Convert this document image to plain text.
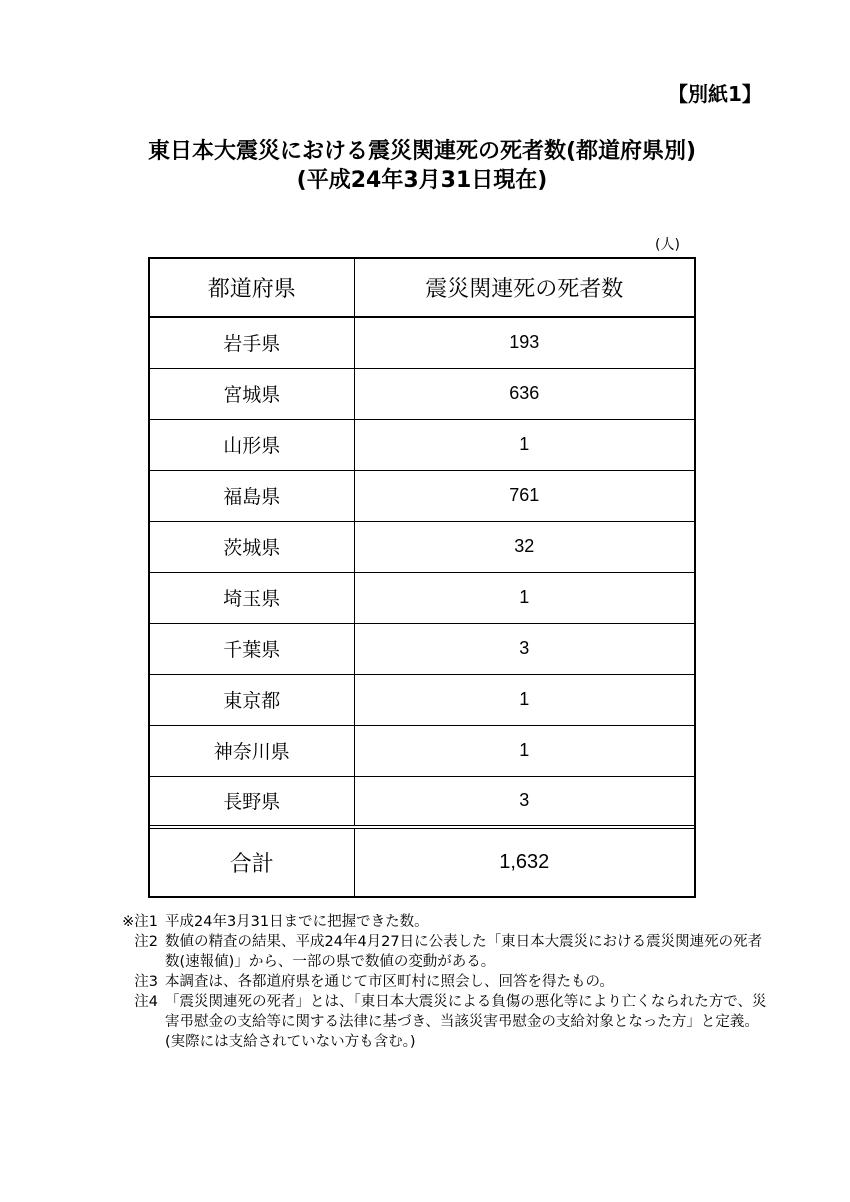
【別紙1】
東日本大震災における震災関連死の死者数(都道府県別)
(平成24年3月31日現在)
(人)
都道府県	震災関連死の死者数
岩手県	193
宮城県	636
山形県	1
福島県	761
茨城県	32
埼玉県	1
千葉県	3
東京都	1
神奈川県	1
長野県	3
合計	1,632
※注1 平成24年3月31日までに把握できた数。
注2 数値の精査の結果、平成24年4月27日に公表した「東日本大震災における震災関連死の死者数(速報値)」から、一部の県で数値の変動がある。
注3 本調査は、各都道府県を通じて市区町村に照会し、回答を得たもの。
注4 「震災関連死の死者」とは、「東日本大震災による負傷の悪化等により亡くなられた方で、災害弔慰金の支給等に関する法律に基づき、当該災害弔慰金の支給対象となった方」と定義。(実際には支給されていない方も含む。)
